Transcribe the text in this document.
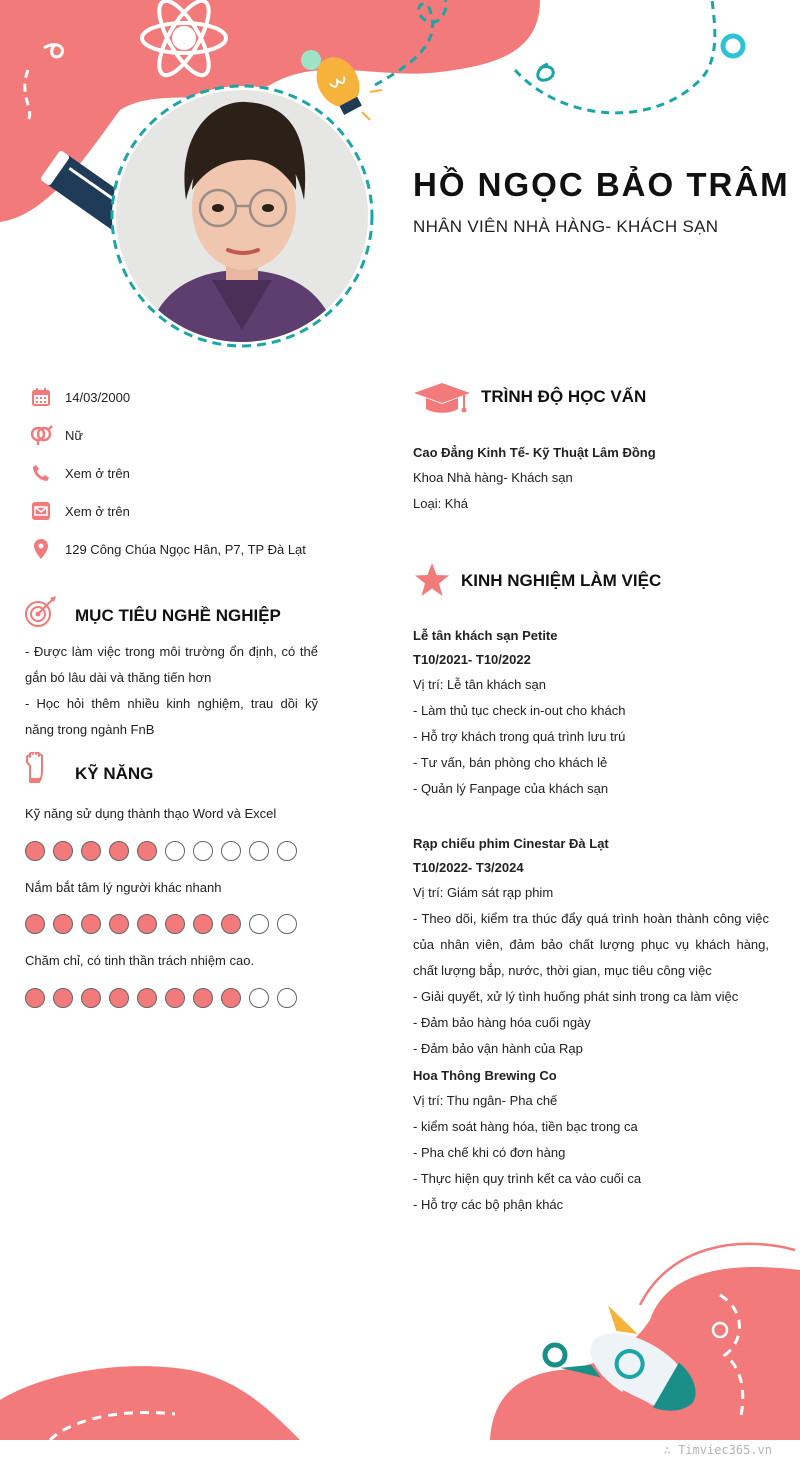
HỒ NGỌC BẢO TRÂM
NHÂN VIÊN NHÀ HÀNG- KHÁCH SẠN
14/03/2000
Nữ
Xem ở trên
Xem ở trên
129 Công Chúa Ngọc Hân, P7, TP Đà Lạt
MỤC TIÊU NGHỀ NGHIỆP
- Được làm việc trong môi trường ổn định, có thể gắn bó lâu dài và thăng tiến hơn
- Học hỏi thêm nhiều kinh nghiệm, trau dồi kỹ năng trong ngành FnB
KỸ NĂNG
Kỹ năng sử dụng thành thạo Word và Excel
Nắm bắt tâm lý người khác nhanh
Chăm chỉ, có tinh thần trách nhiệm cao.
TRÌNH ĐỘ HỌC VẤN
Cao Đẳng Kinh Tế- Kỹ Thuật Lâm Đồng
Khoa Nhà hàng- Khách sạn
Loại: Khá
KINH NGHIỆM LÀM VIỆC
Lễ tân khách sạn Petite
T10/2021- T10/2022
Vị trí: Lễ tân khách sạn
- Làm thủ tục check in-out cho khách
- Hỗ trợ khách trong quá trình lưu trú
- Tư vấn, bán phòng cho khách lẻ
- Quản lý Fanpage của khách sạn
Rạp chiếu phim Cinestar Đà Lạt
T10/2022- T3/2024
Vị trí: Giám sát rạp phim
- Theo dõi, kiểm tra thúc đẩy quá trình hoàn thành công việc của nhân viên, đảm bảo chất lượng phục vụ khách hàng, chất lượng bắp, nước, thời gian, mục tiêu công việc
- Giải quyết, xử lý tình huống phát sinh trong ca làm việc
- Đảm bảo hàng hóa cuối ngày
- Đảm bảo vận hành của Rạp
Hoa Thông Brewing Co
Vị trí: Thu ngân- Pha chế
- kiểm soát hàng hóa, tiền bạc trong ca
- Pha chế khi có đơn hàng
- Thực hiện quy trình kết ca vào cuối ca
- Hỗ trợ các bộ phận khác
∴ Timviec365.vn
